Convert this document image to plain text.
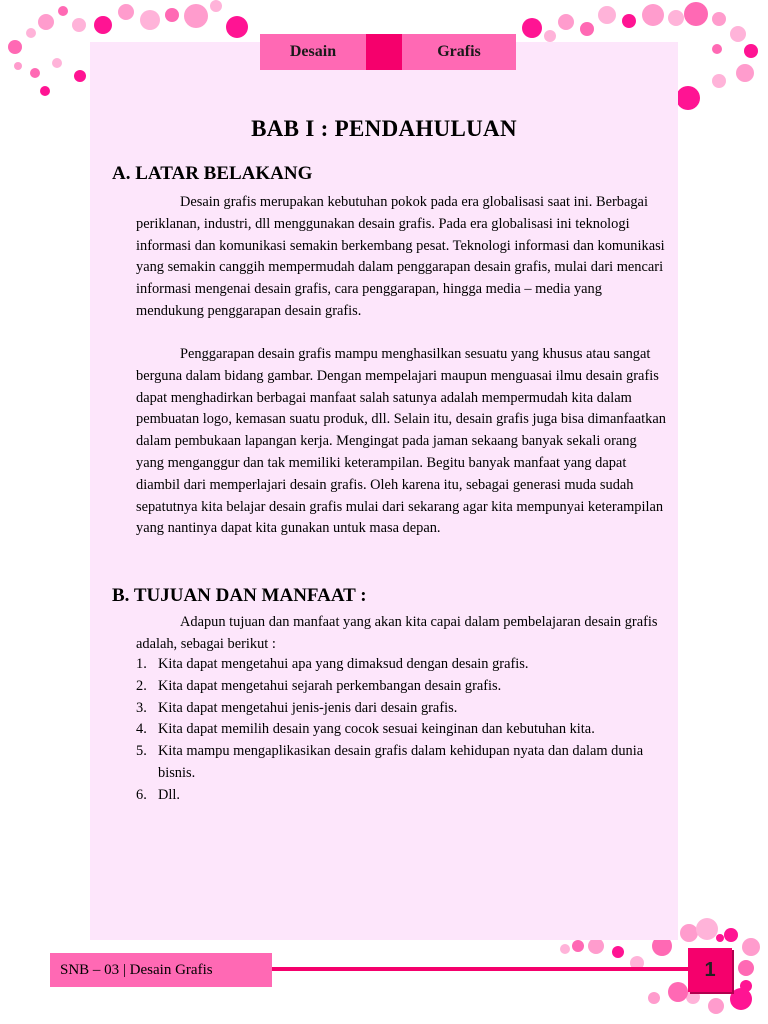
Desain	Grafis
BAB I : PENDAHULUAN
A. LATAR BELAKANG

Desain grafis merupakan kebutuhan pokok pada era globalisasi saat ini. Berbagai periklanan, industri, dll menggunakan desain grafis. Pada era globalisasi ini teknologi informasi dan komunikasi semakin berkembang pesat. Teknologi informasi dan komunikasi yang semakin canggih mempermudah dalam penggarapan desain grafis, mulai dari mencari informasi mengenai desain grafis, cara penggarapan, hingga media – media yang mendukung penggarapan desain grafis.

Penggarapan desain grafis mampu menghasilkan sesuatu yang khusus atau sangat berguna dalam bidang gambar. Dengan mempelajari maupun menguasai ilmu desain grafis dapat menghadirkan berbagai manfaat salah satunya adalah mempermudah kita dalam pembuatan logo, kemasan suatu produk, dll. Selain itu, desain grafis juga bisa dimanfaatkan dalam pembukaan lapangan kerja. Mengingat pada jaman sekaang banyak sekali orang yang menganggur dan tak memiliki keterampilan. Begitu banyak manfaat yang dapat diambil dari memperlajari desain grafis. Oleh karena itu, sebagai generasi muda sudah sepatutnya kita belajar desain grafis mulai dari sekarang agar kita mempunyai keterampilan yang nantinya dapat kita gunakan untuk masa depan.

B. TUJUAN DAN MANFAAT :

Adapun tujuan dan manfaat yang akan kita capai dalam pembelajaran desain grafis adalah, sebagai berikut :

1. Kita dapat mengetahui apa yang dimaksud dengan desain grafis.
2. Kita dapat mengetahui sejarah perkembangan desain grafis.
3. Kita dapat mengetahui jenis-jenis dari desain grafis.
4. Kita dapat memilih desain yang cocok sesuai keinginan dan kebutuhan kita.
5. Kita mampu mengaplikasikan desain grafis dalam kehidupan nyata dan dalam dunia bisnis.
6. Dll.
SNB – 03 | Desain Grafis	1
